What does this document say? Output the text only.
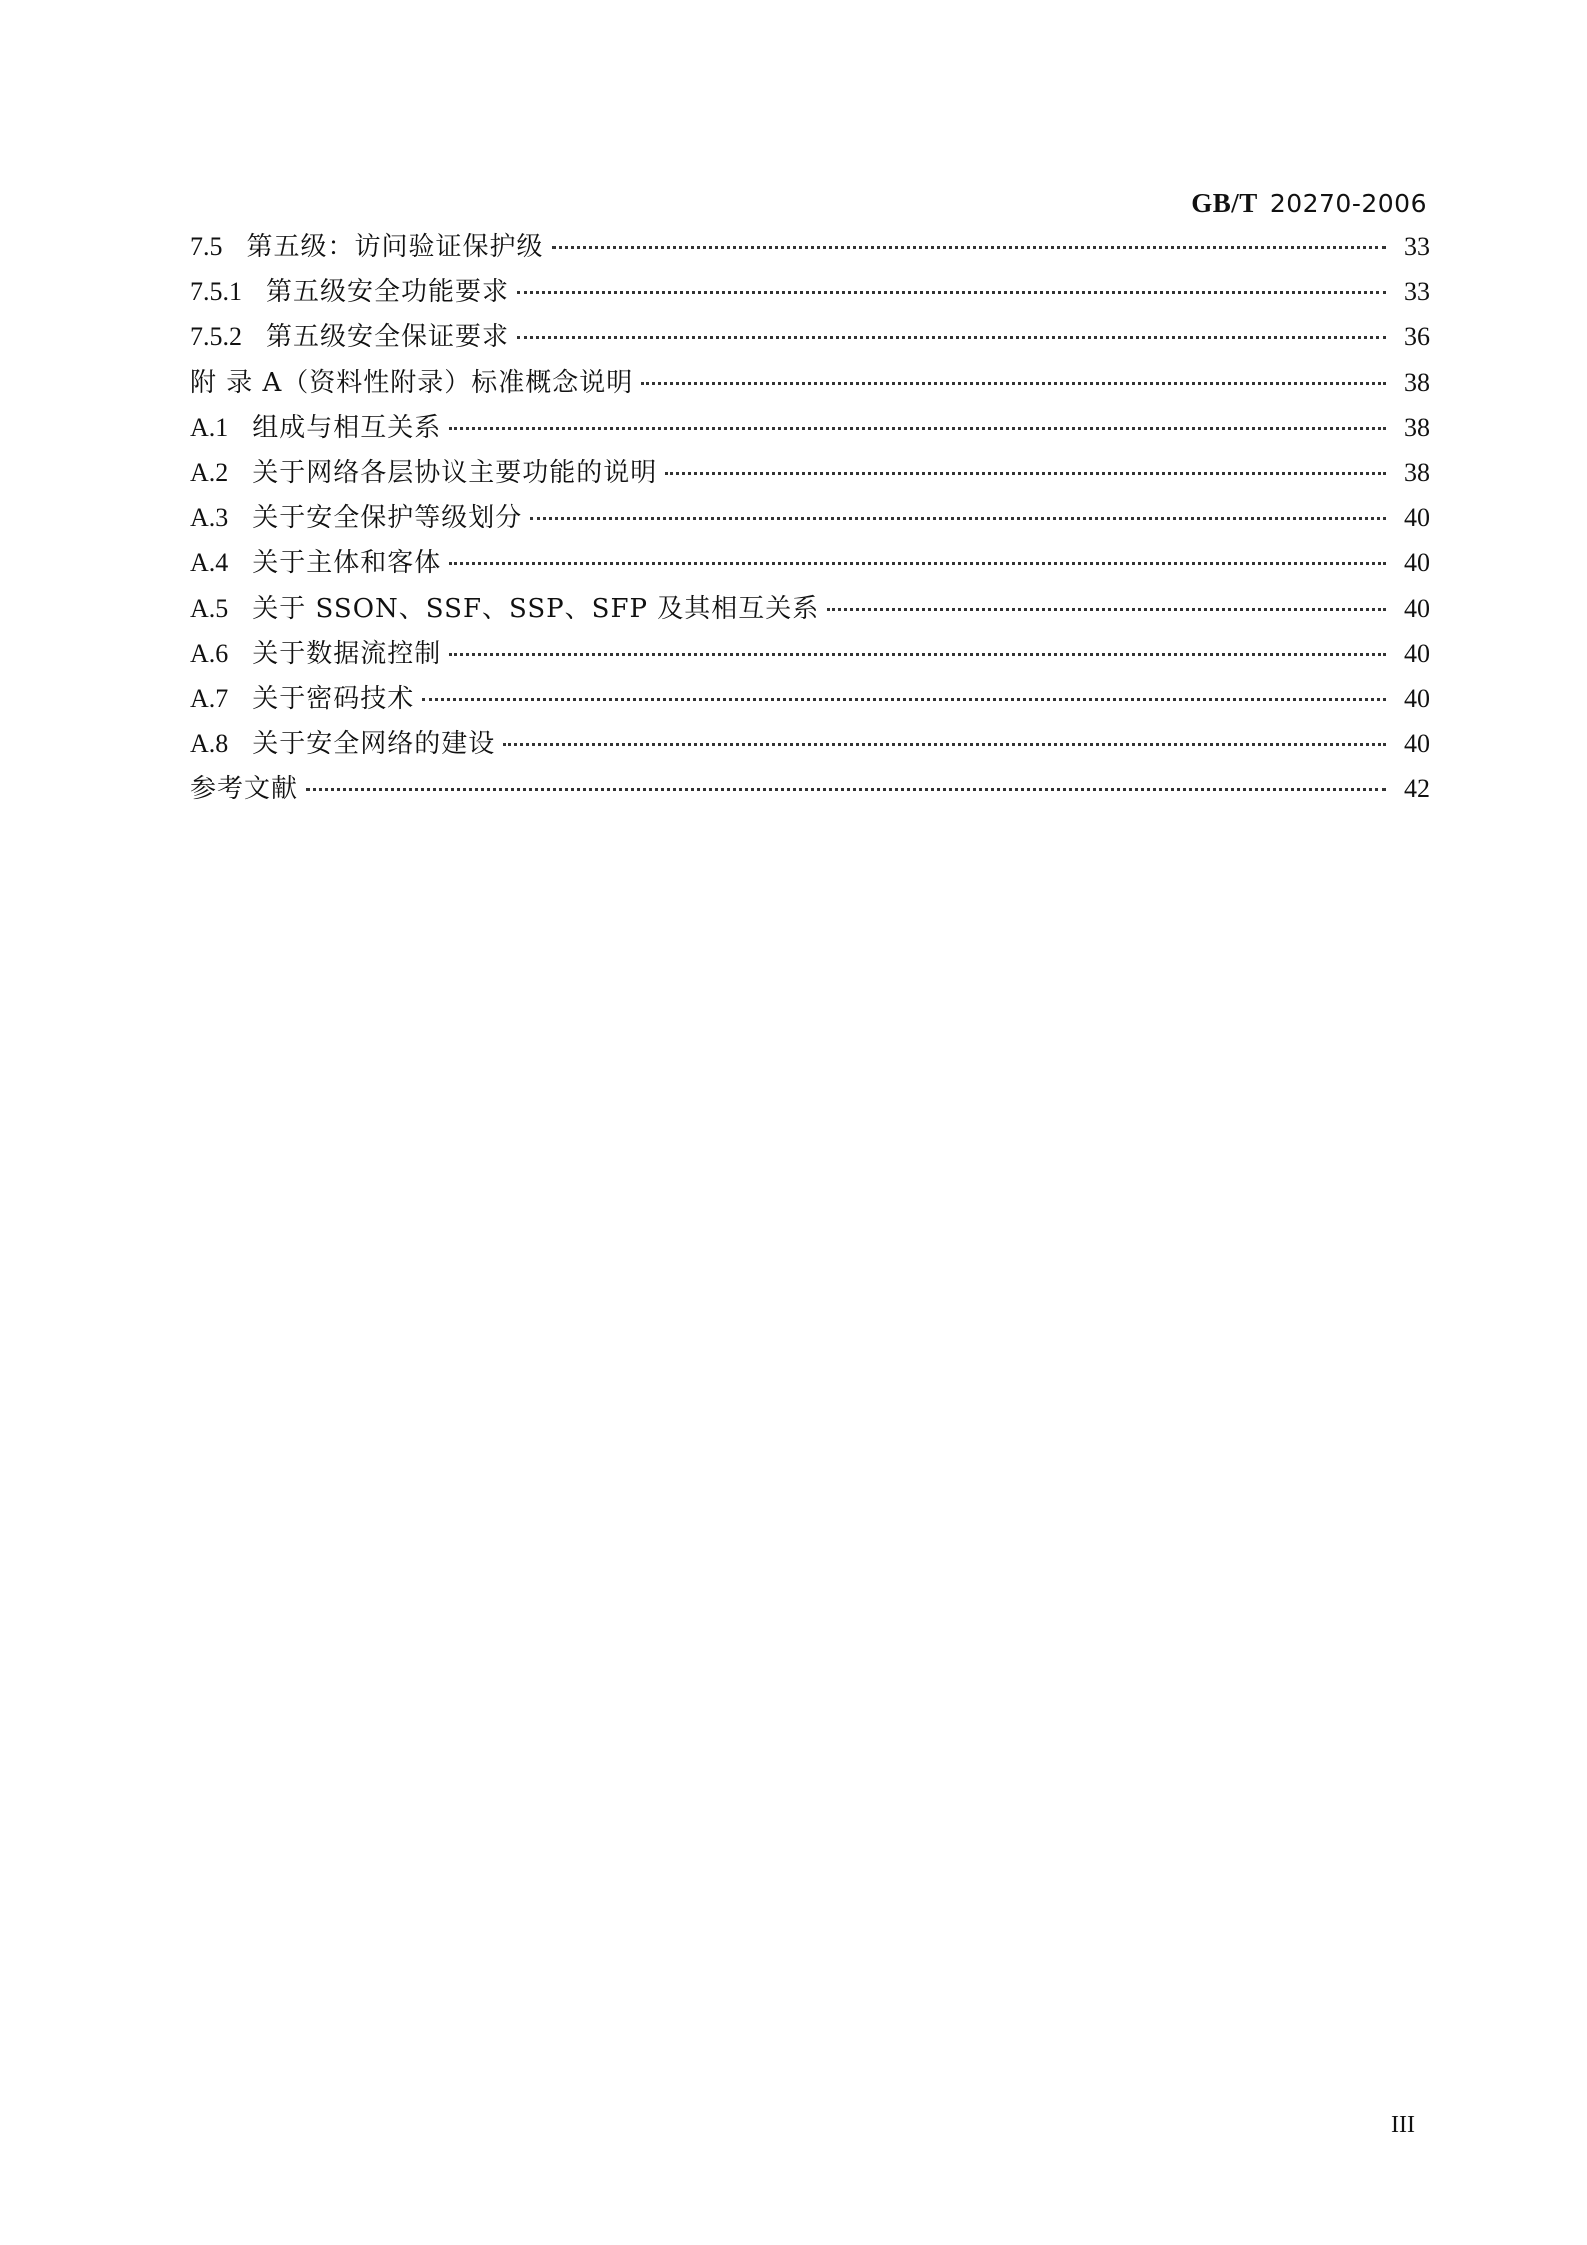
GB/T 20270-2006
7.5 第五级：访问验证保护级	33
7.5.1 第五级安全功能要求	33
7.5.2 第五级安全保证要求	36
附 录 A（资料性附录）标准概念说明	38
A.1 组成与相互关系	38
A.2 关于网络各层协议主要功能的说明	38
A.3 关于安全保护等级划分	40
A.4 关于主体和客体	40
A.5 关于 SSON、SSF、SSP、SFP 及其相互关系	40
A.6 关于数据流控制	40
A.7 关于密码技术	40
A.8 关于安全网络的建设	40
参考文献	42
III
